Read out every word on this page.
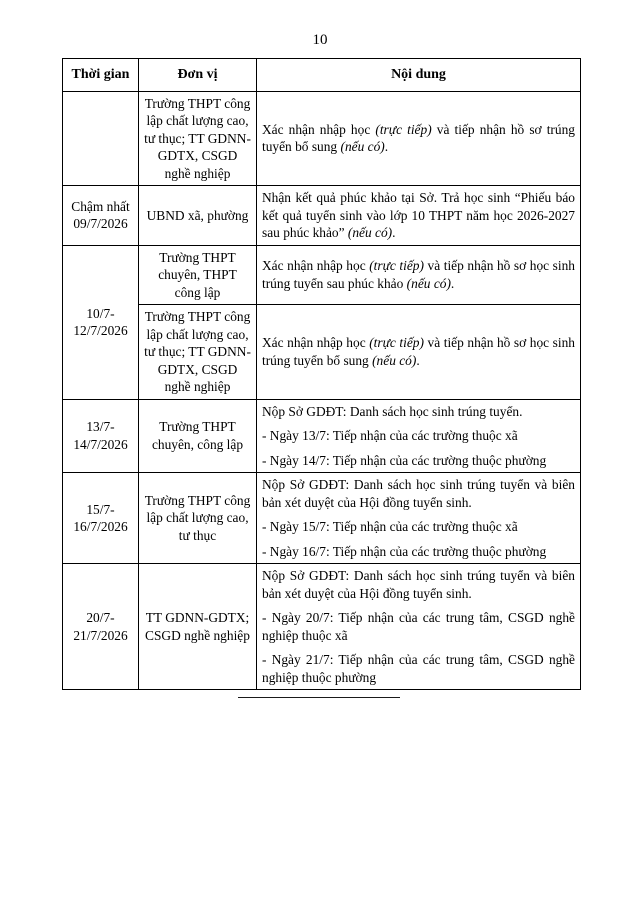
10
Thời gian	Đơn vị	Nội dung
	Trường THPT công lập chất lượng cao, tư thục; TT GDNN-GDTX, CSGD nghề nghiệp	Xác nhận nhập học (trực tiếp) và tiếp nhận hồ sơ trúng tuyển bổ sung (nếu có).

Chậm nhất 09/7/2026	UBND xã, phường	Nhận kết quả phúc khảo tại Sở. Trả học sinh “Phiếu báo kết quả tuyển sinh vào lớp 10 THPT năm học 2026-2027 sau phúc khảo” (nếu có).

10/7- 12/7/2026	Trường THPT chuyên, THPT công lập	Xác nhận nhập học (trực tiếp) và tiếp nhận hồ sơ học sinh trúng tuyển sau phúc khảo (nếu có).

	Trường THPT công lập chất lượng cao, tư thục; TT GDNN-GDTX, CSGD nghề nghiệp	Xác nhận nhập học (trực tiếp) và tiếp nhận hồ sơ học sinh trúng tuyển bổ sung (nếu có).

13/7- 14/7/2026	Trường THPT chuyên, công lập	Nộp Sở GDĐT: Danh sách học sinh trúng tuyển.

- Ngày 13/7: Tiếp nhận của các trường thuộc xã

- Ngày 14/7: Tiếp nhận của các trường thuộc phường

15/7- 16/7/2026	Trường THPT công lập chất lượng cao, tư thục	Nộp Sở GDĐT: Danh sách học sinh trúng tuyển và biên bản xét duyệt của Hội đồng tuyển sinh.

- Ngày 15/7: Tiếp nhận của các trường thuộc xã

- Ngày 16/7: Tiếp nhận của các trường thuộc phường

20/7- 21/7/2026	TT GDNN-GDTX; CSGD nghề nghiệp	Nộp Sở GDĐT: Danh sách học sinh trúng tuyển và biên bản xét duyệt của Hội đồng tuyển sinh.

- Ngày 20/7: Tiếp nhận của các trung tâm, CSGD nghề nghiệp thuộc xã

- Ngày 21/7: Tiếp nhận của các trung tâm, CSGD nghề nghiệp thuộc phường
